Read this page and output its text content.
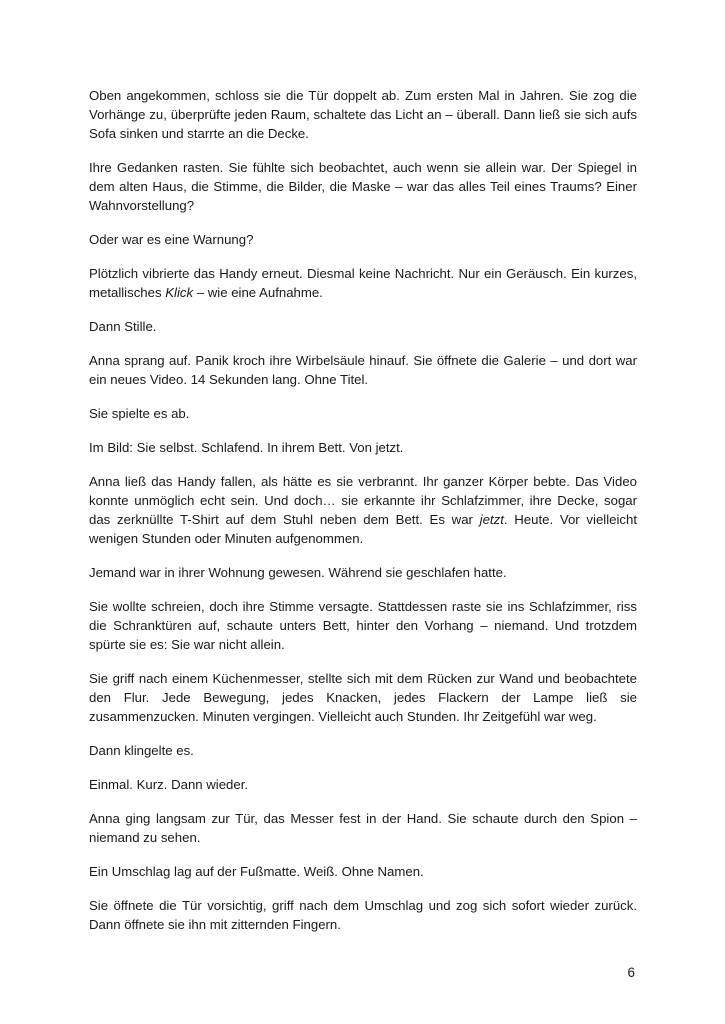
Oben angekommen, schloss sie die Tür doppelt ab. Zum ersten Mal in Jahren. Sie zog die Vorhänge zu, überprüfte jeden Raum, schaltete das Licht an – überall. Dann ließ sie sich aufs Sofa sinken und starrte an die Decke.

Ihre Gedanken rasten. Sie fühlte sich beobachtet, auch wenn sie allein war. Der Spiegel in dem alten Haus, die Stimme, die Bilder, die Maske – war das alles Teil eines Traums? Einer Wahnvorstellung?

Oder war es eine Warnung?

Plötzlich vibrierte das Handy erneut. Diesmal keine Nachricht. Nur ein Geräusch. Ein kurzes, metallisches Klick – wie eine Aufnahme.

Dann Stille.

Anna sprang auf. Panik kroch ihre Wirbelsäule hinauf. Sie öffnete die Galerie – und dort war ein neues Video. 14 Sekunden lang. Ohne Titel.

Sie spielte es ab.

Im Bild: Sie selbst. Schlafend. In ihrem Bett. Von jetzt.

Anna ließ das Handy fallen, als hätte es sie verbrannt. Ihr ganzer Körper bebte. Das Video konnte unmöglich echt sein. Und doch… sie erkannte ihr Schlafzimmer, ihre Decke, sogar das zerknüllte T-Shirt auf dem Stuhl neben dem Bett. Es war jetzt. Heute. Vor vielleicht wenigen Stunden oder Minuten aufgenommen.

Jemand war in ihrer Wohnung gewesen. Während sie geschlafen hatte.

Sie wollte schreien, doch ihre Stimme versagte. Stattdessen raste sie ins Schlafzimmer, riss die Schranktüren auf, schaute unters Bett, hinter den Vorhang – niemand. Und trotzdem spürte sie es: Sie war nicht allein.

Sie griff nach einem Küchenmesser, stellte sich mit dem Rücken zur Wand und beobachtete den Flur. Jede Bewegung, jedes Knacken, jedes Flackern der Lampe ließ sie zusammenzucken. Minuten vergingen. Vielleicht auch Stunden. Ihr Zeitgefühl war weg.

Dann klingelte es.

Einmal. Kurz. Dann wieder.

Anna ging langsam zur Tür, das Messer fest in der Hand. Sie schaute durch den Spion – niemand zu sehen.

Ein Umschlag lag auf der Fußmatte. Weiß. Ohne Namen.

Sie öffnete die Tür vorsichtig, griff nach dem Umschlag und zog sich sofort wieder zurück. Dann öffnete sie ihn mit zitternden Fingern.

6
